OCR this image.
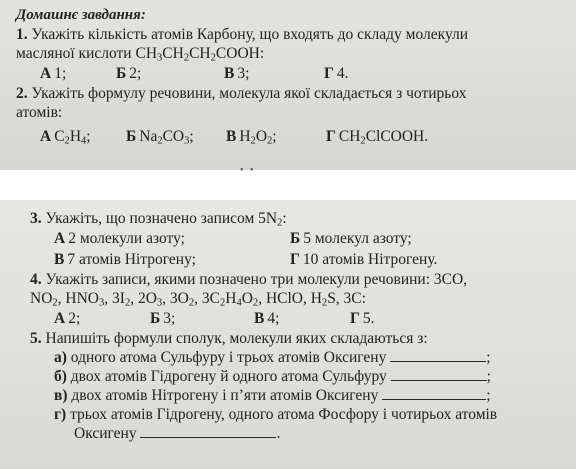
Домашнє завдання:
1. Укажіть кількість атомів Карбону, що входять до складу молекули
масляної кислоти $CH_3CH_2CH_2COOH$:
А 1;	Б 2;	В 3;	Г 4.
2. Укажіть формулу речовини, молекула якої складається з чотирьох
атомів:
А $C_2H_4$;	Б $Na_2CO_3$;	В $H_2O_2$;	Г $CH_2ClCOOH$.
• •
3. Укажіть, що позначено записом $5N_2$:
А 2 молекули азоту;	Б 5 молекул азоту;
В 7 атомів Нітрогену;	Г 10 атомів Нітрогену.
4. Укажіть записи, якими позначено три молекули речовини: 3CO,
$NO_2$, $HNO_3$, $3I_2$, $2O_3$, $3O_2$, $3C_2H_4O_2$, HClO, $H_2S$, 3C:
А 2;	Б 3;	В 4;	Г 5.
5. Напишіть формули сполук, молекули яких складаються з:
а) одного атома Сульфуру і трьох атомів Оксигену	;
б) двох атомів Гідрогену й одного атома Сульфуру	;
в) двох атомів Нітрогену і п’яти атомів Оксигену	;
г) трьох атомів Гідрогену, одного атома Фосфору і чотирьох атомів
Оксигену	.
